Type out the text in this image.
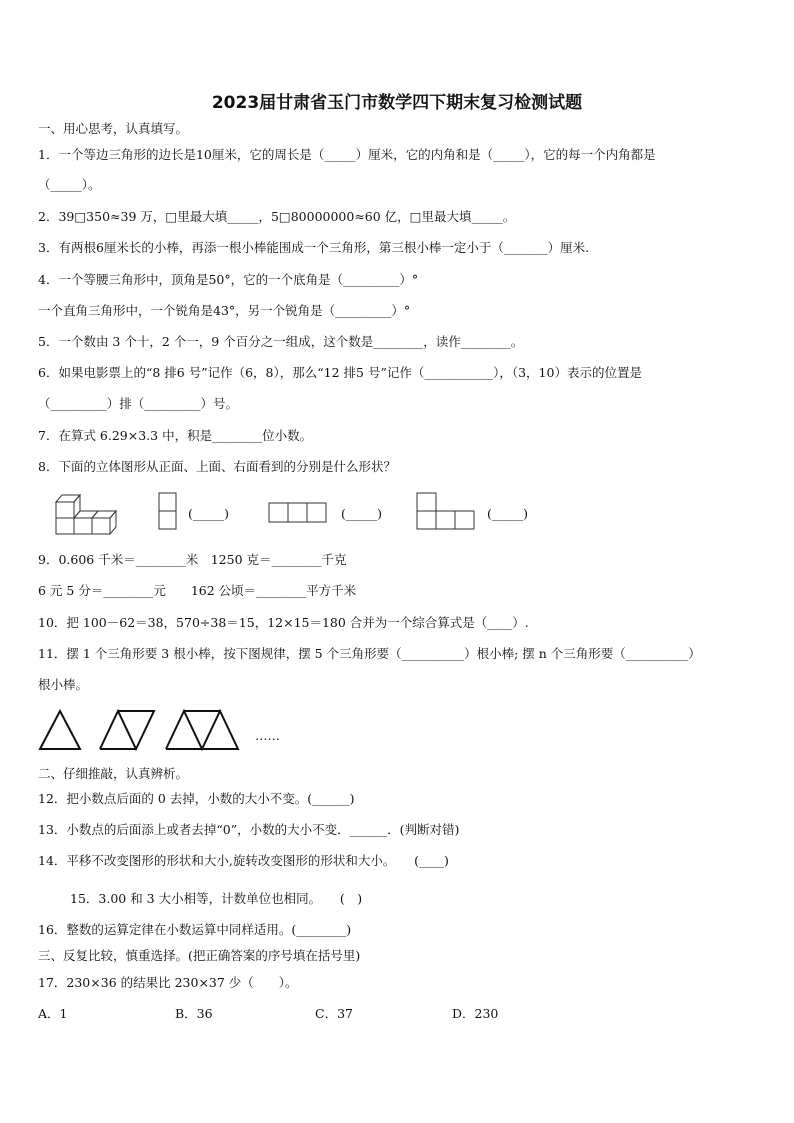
2023届甘肃省玉门市数学四下期末复习检测试题
一、用心思考，认真填写。
1．一个等边三角形的边长是10厘米，它的周长是（_____）厘米，它的内角和是（_____），它的每一个内角都是
（_____）。
2．39□350≈39 万，□里最大填_____，5□80000000≈60 亿，□里最大填_____。
3．有两根6厘米长的小棒，再添一根小棒能围成一个三角形，第三根小棒一定小于（_______）厘米.
4．一个等腰三角形中，顶角是50°，它的一个底角是（_________）°
一个直角三角形中，一个锐角是43°，另一个锐角是（_________）°
5．一个数由 3 个十，2 个一，9 个百分之一组成，这个数是________，读作________。
6．如果电影票上的“8 排6 号”记作（6，8），那么“12 排5 号”记作（___________），（3，10）表示的位置是
（_________）排（_________）号。
7．在算式 6.29×3.3 中，积是________位小数。
8．下面的立体图形从正面、上面、右面看到的分别是什么形状？
(_____)	(_____)	(_____)
9．0.606 千米＝________米　1250 克＝________千克
6 元 5 分＝________元　　162 公顷＝________平方千米
10．把 100－62＝38，570÷38＝15，12×15＝180 合并为一个综合算式是（____）.
11．摆 1 个三角形要 3 根小棒，按下图规律，摆 5 个三角形要（__________）根小棒; 摆 n 个三角形要（__________）
根小棒。
……
二、仔细推敲，认真辨析。
12．把小数点后面的 0 去掉，小数的大小不变。(______)
13．小数点的后面添上或者去掉“0”，小数的大小不变．______．(判断对错)
14．平移不改变图形的形状和大小,旋转改变图形的形状和大小。　　(____)
15．3.00 和 3 大小相等，计数单位也相同。　　(　)
16．整数的运算定律在小数运算中同样适用。(________)
三、反复比较，慎重选择。(把正确答案的序号填在括号里)
17．230×36 的结果比 230×37 少（　　）。
A．1	B．36	C．37	D．230
